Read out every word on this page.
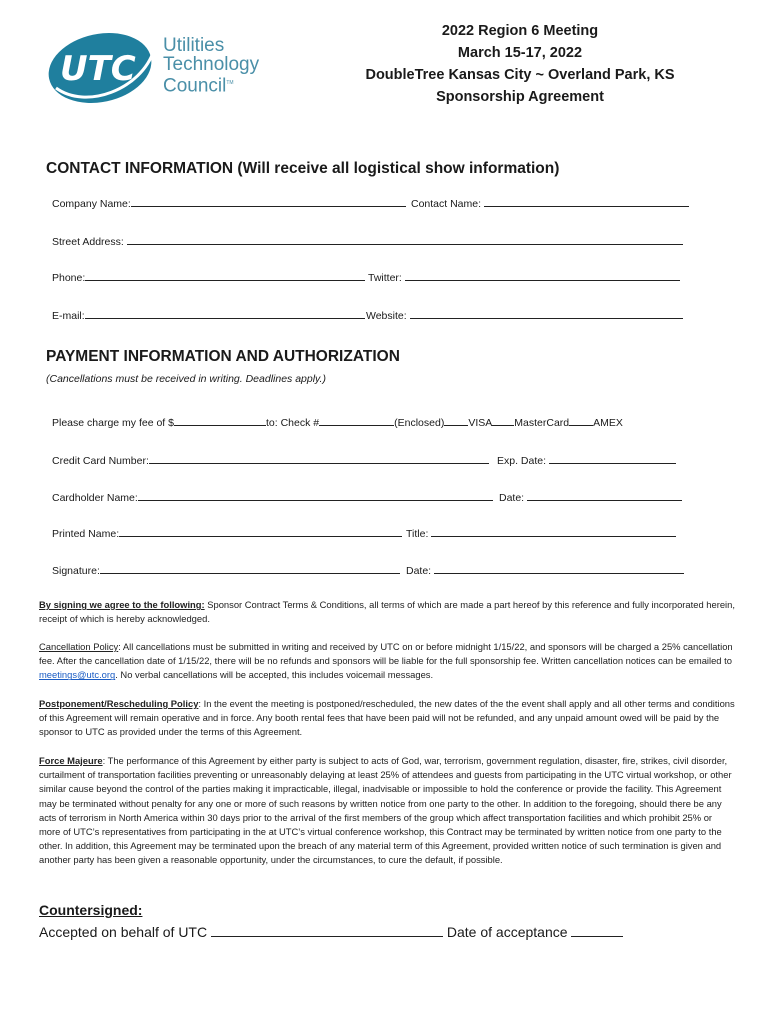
UTC
Utilities
Technology
Council™
2022 Region 6 Meeting
March 15-17, 2022
DoubleTree Kansas City ~ Overland Park, KS
Sponsorship Agreement
CONTACT INFORMATION (Will receive all logistical show information)
Company Name:	Contact Name:
Street Address:
Phone:	Twitter:
E-mail:	Website:
PAYMENT INFORMATION AND AUTHORIZATION
(Cancellations must be received in writing. Deadlines apply.)
Please charge my fee of $	to: Check #	(Enclosed) VISA MasterCard AMEX
Credit Card Number:	Exp. Date:
Cardholder Name:	Date:
Printed Name:	Title:
Signature:	Date:
By signing we agree to the following: Sponsor Contract Terms & Conditions, all terms of which are made a part hereof by this reference and fully incorporated herein, receipt of which is hereby acknowledged.
Cancellation Policy: All cancellations must be submitted in writing and received by UTC on or before midnight 1/15/22, and sponsors will be charged a 25% cancellation fee. After the cancellation date of 1/15/22, there will be no refunds and sponsors will be liable for the full sponsorship fee. Written cancellation notices can be emailed to meetings@utc.org. No verbal cancellations will be accepted, this includes voicemail messages.
Postponement/Rescheduling Policy: In the event the meeting is postponed/rescheduled, the new dates of the the event shall apply and all other terms and conditions of this Agreement will remain operative and in force. Any booth rental fees that have been paid will not be refunded, and any unpaid amount owed will be paid by the sponsor to UTC as provided under the terms of this Agreement.
Force Majeure: The performance of this Agreement by either party is subject to acts of God, war, terrorism, government regulation, disaster, fire, strikes, civil disorder, curtailment of transportation facilities preventing or unreasonably delaying at least 25% of attendees and guests from participating in the UTC virtual workshop, or other similar cause beyond the control of the parties making it impracticable, illegal, inadvisable or impossible to hold the conference or provide the facility. This Agreement may be terminated without penalty for any one or more of such reasons by written notice from one party to the other. In addition to the foregoing, should there be any acts of terrorism in North America within 30 days prior to the arrival of the first members of the group which affect transportation facilities and which prohibit 25% or more of UTC’s representatives from participating in the at UTC’s virtual conference workshop, this Contract may be terminated by written notice from one party to the other. In addition, this Agreement may be terminated upon the breach of any material term of this Agreement, provided written notice of such termination is given and another party has been given a reasonable opportunity, under the circumstances, to cure the default, if possible.
Countersigned:
Accepted on behalf of UTC	Date of acceptance
